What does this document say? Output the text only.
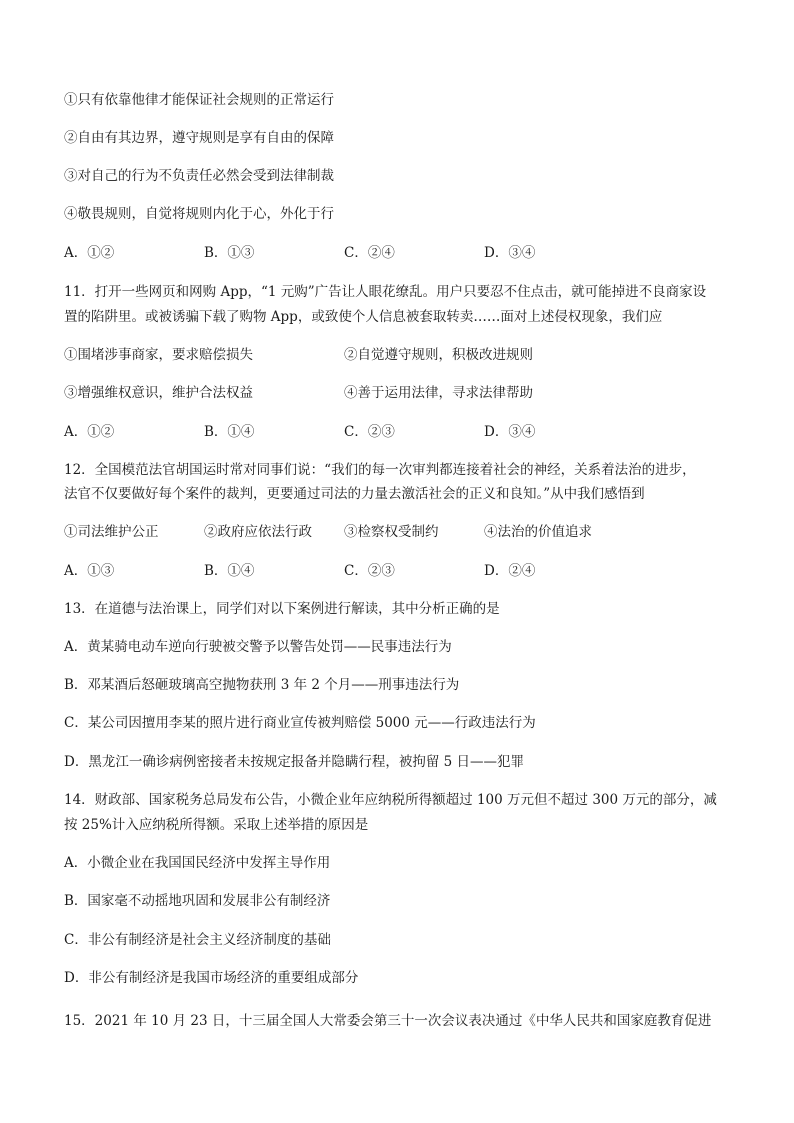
①只有依靠他律才能保证社会规则的正常运行
②自由有其边界，遵守规则是享有自由的保障
③对自己的行为不负责任必然会受到法律制裁
④敬畏规则，自觉将规则内化于心，外化于行
A．①②	B．①③	C．②④	D．③④
11．打开一些网页和网购 App，“1 元购”广告让人眼花缭乱。用户只要忍不住点击，就可能掉进不良商家设
置的陷阱里。或被诱骗下载了购物 App，或致使个人信息被套取转卖……面对上述侵权现象，我们应
①围堵涉事商家，要求赔偿损失	②自觉遵守规则，积极改进规则
③增强维权意识，维护合法权益	④善于运用法律，寻求法律帮助
A．①②	B．①④	C．②③	D．③④
12．全国模范法官胡国运时常对同事们说：“我们的每一次审判都连接着社会的神经，关系着法治的进步，
法官不仅要做好每个案件的裁判，更要通过司法的力量去激活社会的正义和良知。”从中我们感悟到
①司法维护公正	②政府应依法行政 ③检察权受制约	④法治的价值追求
A．①③	B．①④	C．②③	D．②④
13．在道德与法治课上，同学们对以下案例进行解读，其中分析正确的是
A．黄某骑电动车逆向行驶被交警予以警告处罚——民事违法行为
B．邓某酒后怒砸玻璃高空抛物获刑 3 年 2 个月——刑事违法行为
C．某公司因擅用李某的照片进行商业宣传被判赔偿 5000 元——行政违法行为
D．黑龙江一确诊病例密接者未按规定报备并隐瞒行程，被拘留 5 日——犯罪
14．财政部、国家税务总局发布公告，小微企业年应纳税所得额超过 100 万元但不超过 300 万元的部分，减
按 25%计入应纳税所得额。采取上述举措的原因是
A．小微企业在我国国民经济中发挥主导作用
B．国家毫不动摇地巩固和发展非公有制经济
C．非公有制经济是社会主义经济制度的基础
D．非公有制经济是我国市场经济的重要组成部分
15．2021 年 10 月 23 日，十三届全国人大常委会第三十一次会议表决通过《中华人民共和国家庭教育促进
